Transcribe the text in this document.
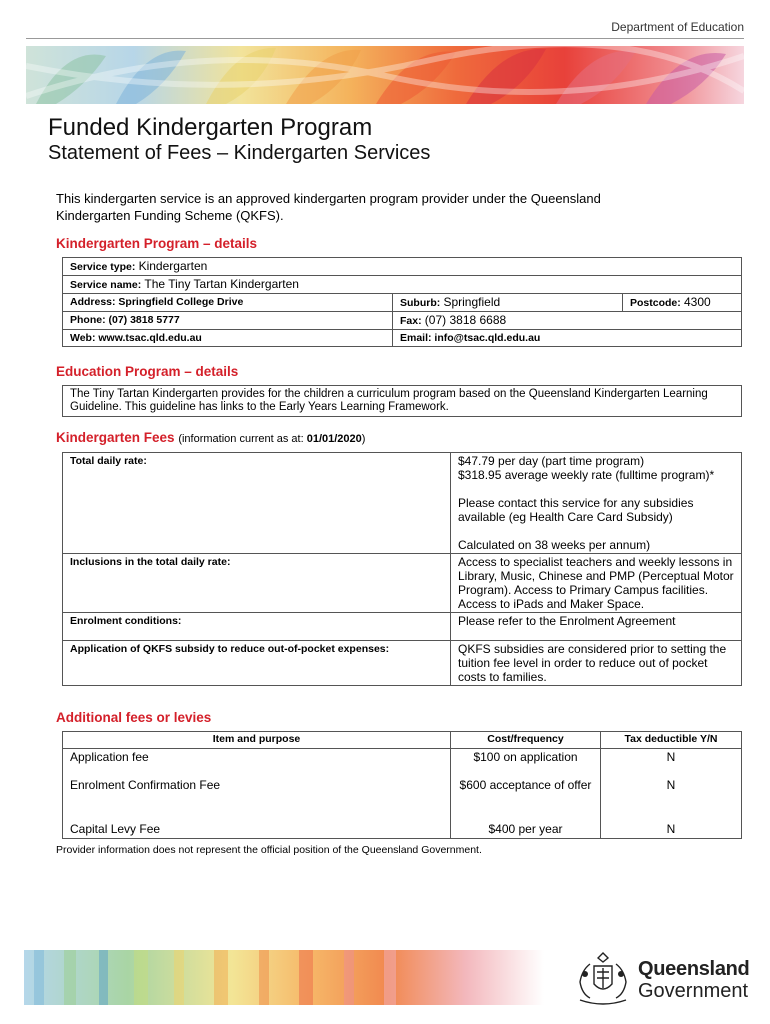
Department of Education
Funded Kindergarten Program
Statement of Fees – Kindergarten Services
This kindergarten service is an approved kindergarten program provider under the Queensland Kindergarten Funding Scheme (QKFS).
Kindergarten Program – details
Service type: Kindergarten		
Service name: The Tiny Tartan Kindergarten		
Address: Springfield College Drive	Suburb: Springfield	Postcode: 4300
Phone: (07) 3818 5777	Fax: (07) 3818 6688	
Web: www.tsac.qld.edu.au	Email: info@tsac.qld.edu.au	
Education Program – details
The Tiny Tartan Kindergarten provides for the children a curriculum program based on the Queensland Kindergarten Learning Guideline. This guideline has links to the Early Years Learning Framework.
Kindergarten Fees (information current as at: 01/01/2020)
Total daily rate:	$47.79 per day (part time program)
$318.95 average weekly rate (fulltime program)*
Please contact this service for any subsidies available (eg Health Care Card Subsidy)
Calculated on 38 weeks per annum)

Inclusions in the total daily rate:	Access to specialist teachers and weekly lessons in Library, Music, Chinese and PMP (Perceptual Motor Program). Access to Primary Campus facilities. Access to iPads and Maker Space.
Enrolment conditions:	Please refer to the Enrolment Agreement
Application of QKFS subsidy to reduce out-of-pocket expenses:	QKFS subsidies are considered prior to setting the tuition fee level in order to reduce out of pocket costs to families.
Additional fees or levies
Item and purpose	Cost/frequency	Tax deductible Y/N
Application fee	$100 on application	N
Enrolment Confirmation Fee	$600 acceptance of offer	N
Capital Levy Fee	$400 per year	N
Provider information does not represent the official position of the Queensland Government.
Queensland
Government
